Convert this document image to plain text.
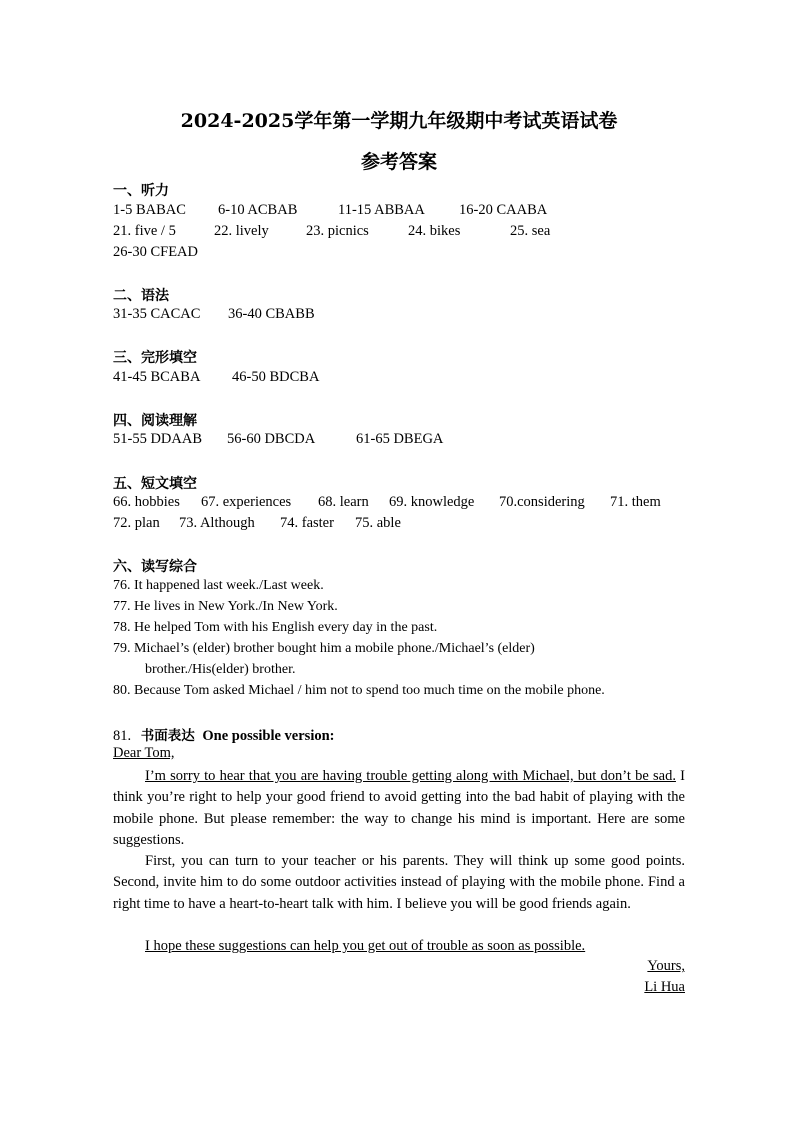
2024-2025学年第一学期九年级期中考试英语试卷
参考答案
一、听力
1-5 BABAC 6-10 ACBAB	11-15 ABBAA 16-20 CAABA
21. five / 5	22. lively	23. picnics	24. bikes	25. sea
26-30 CFEAD
二、语法
31-35 CACAC 36-40 CBABB
三、完形填空
41-45 BCABA 46-50 BDCBA
四、阅读理解
51-55 DDAAB 56-60 DBCDA	61-65 DBEGA
五、短文填空
66. hobbies 67. experiences 68. learn 69. knowledge 70.considering 71. them
72. plan 73. Although 74. faster 75. able
六、读写综合
76. It happened last week./Last week.
77. He lives in New York./In New York.
78. He helped Tom with his English every day in the past.
79. Michael’s (elder) brother bought him a mobile phone./Michael’s (elder)
brother./His(elder) brother.
80. Because Tom asked Michael / him not to spend too much time on the mobile phone.
81. 书面表达 One possible version:
Dear Tom,
I’m sorry to hear that you are having trouble getting along with Michael, but don’t be sad. I think you’re right to help your good friend to avoid getting into the bad habit of playing with the mobile phone. But please remember: the way to change his mind is important. Here are some suggestions.
First, you can turn to your teacher or his parents. They will think up some good points. Second, invite him to do some outdoor activities instead of playing with the mobile phone. Find a right time to have a heart-to-heart talk with him. I believe you will be good friends again.
I hope these suggestions can help you get out of trouble as soon as possible.
Yours,
Li Hua
